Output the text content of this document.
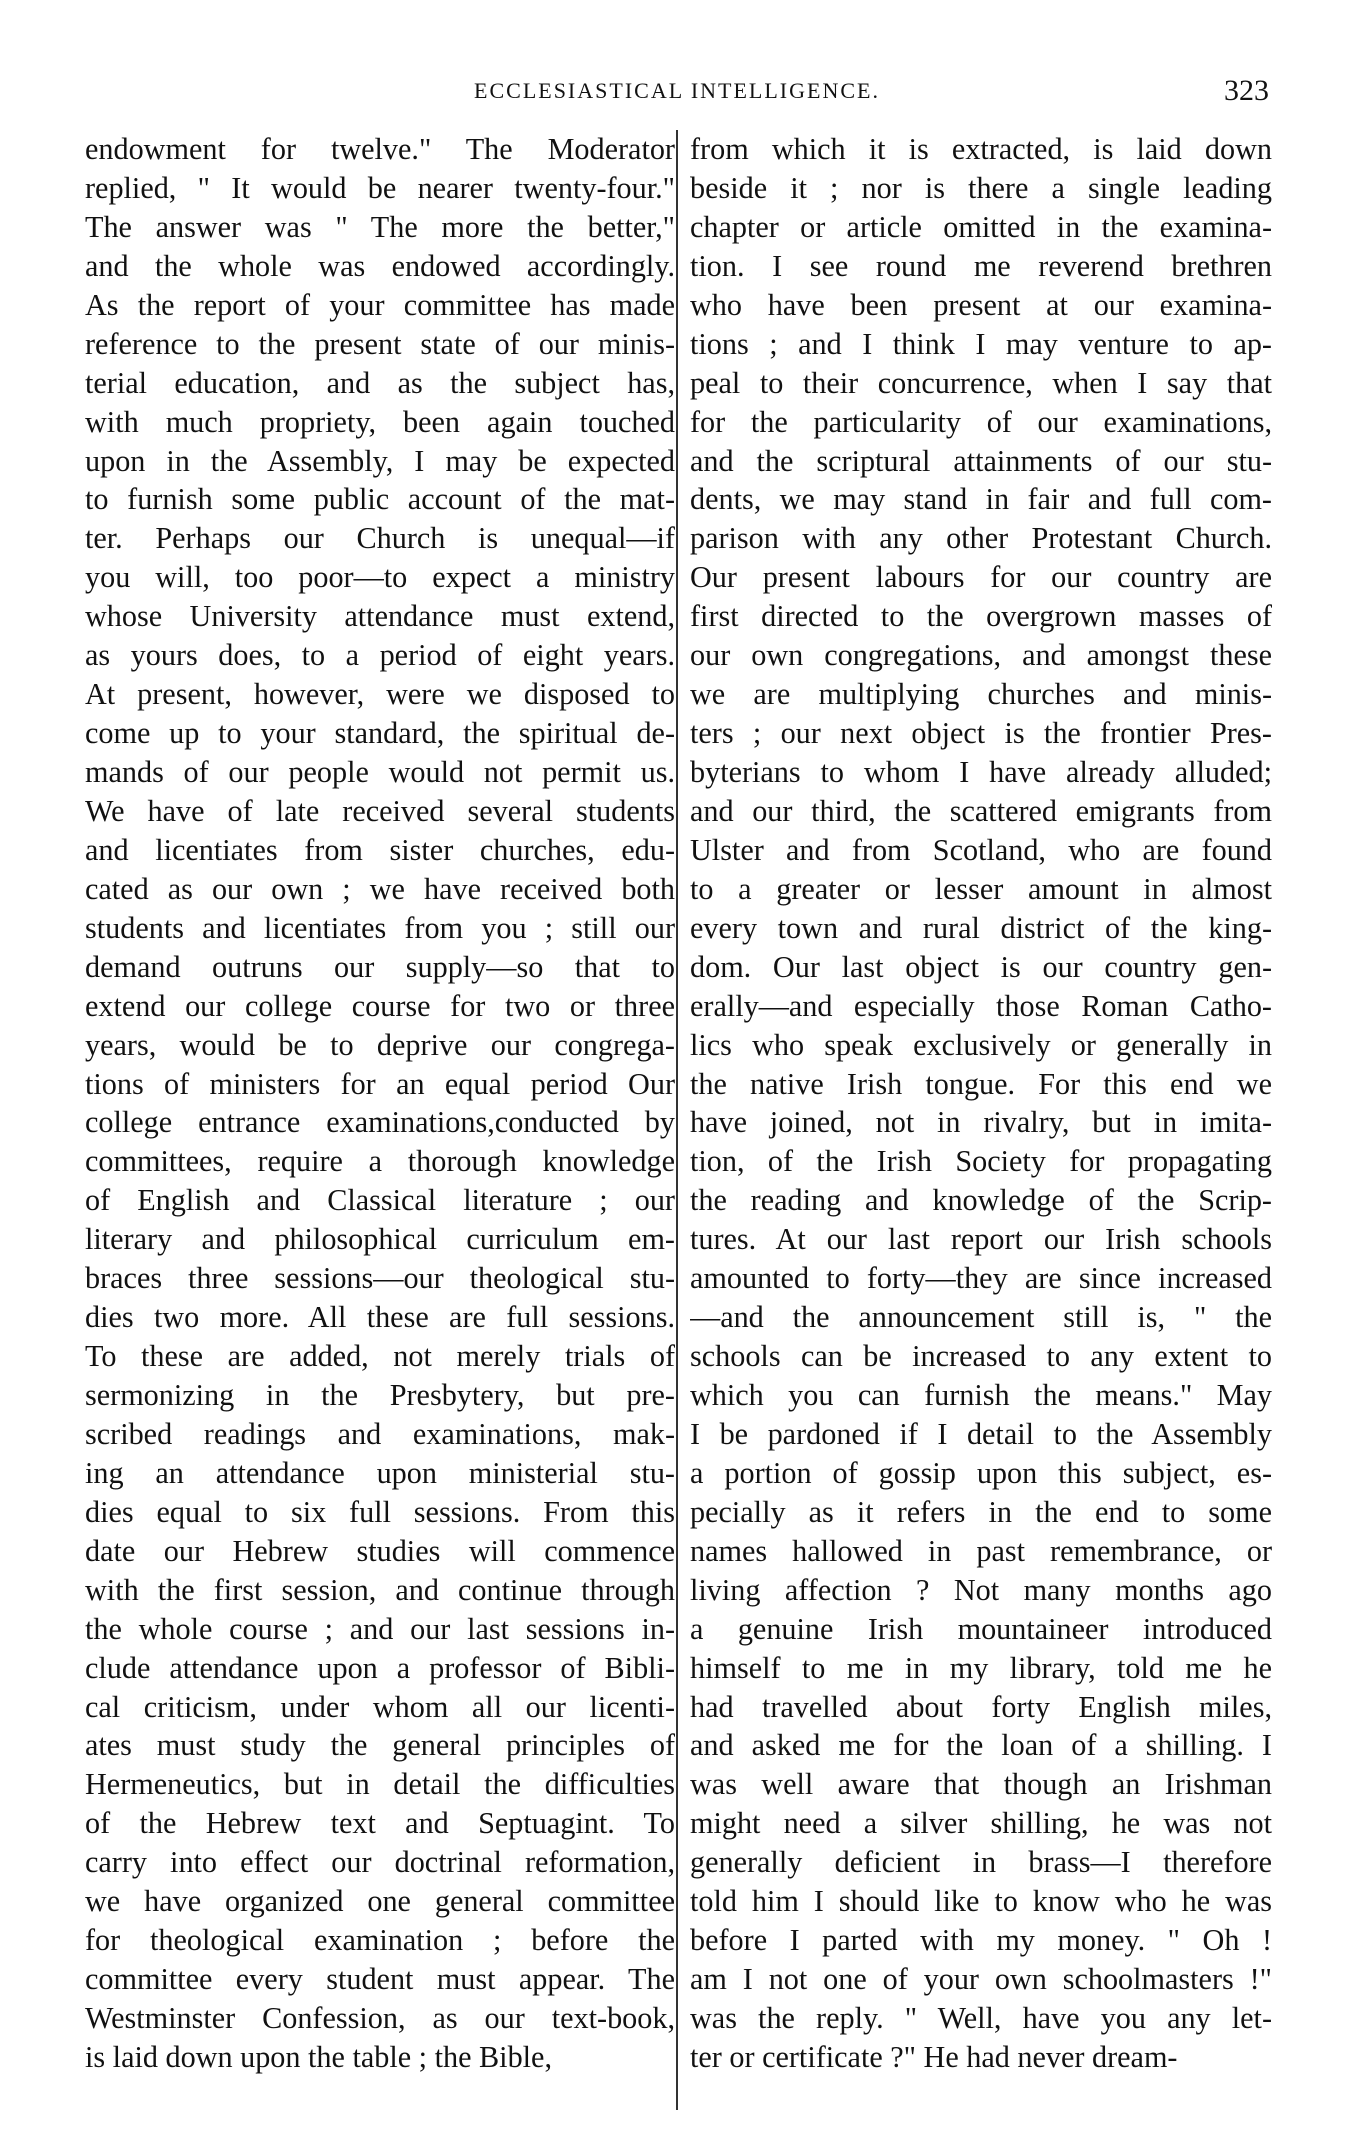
ECCLESIASTICAL INTELLIGENCE.	323
endowment for twelve." The Moderator
replied, " It would be nearer twenty-four."
The answer was " The more the better,"
and the whole was endowed accordingly.
As the report of your committee has made
reference to the present state of our minis-
terial education, and as the subject has,
with much propriety, been again touched
upon in the Assembly, I may be expected
to furnish some public account of the mat-
ter. Perhaps our Church is unequal—if
you will, too poor—to expect a ministry
whose University attendance must extend,
as yours does, to a period of eight years.
At present, however, were we disposed to
come up to your standard, the spiritual de-
mands of our people would not permit us.
We have of late received several students
and licentiates from sister churches, edu-
cated as our own ; we have received both
students and licentiates from you ; still our
demand outruns our supply—so that to
extend our college course for two or three
years, would be to deprive our congrega-
tions of ministers for an equal period Our
college entrance examinations,conducted by
committees, require a thorough knowledge
of English and Classical literature ; our
literary and philosophical curriculum em-
braces three sessions—our theological stu-
dies two more. All these are full sessions.
To these are added, not merely trials of
sermonizing in the Presbytery, but pre-
scribed readings and examinations, mak-
ing an attendance upon ministerial stu-
dies equal to six full sessions. From this
date our Hebrew studies will commence
with the first session, and continue through
the whole course ; and our last sessions in-
clude attendance upon a professor of Bibli-
cal criticism, under whom all our licenti-
ates must study the general principles of
Hermeneutics, but in detail the difficulties
of the Hebrew text and Septuagint. To
carry into effect our doctrinal reformation,
we have organized one general committee
for theological examination ; before the
committee every student must appear. The
Westminster Confession, as our text-book,
is laid down upon the table ; the Bible,
from which it is extracted, is laid down
beside it ; nor is there a single leading
chapter or article omitted in the examina-
tion. I see round me reverend brethren
who have been present at our examina-
tions ; and I think I may venture to ap-
peal to their concurrence, when I say that
for the particularity of our examinations,
and the scriptural attainments of our stu-
dents, we may stand in fair and full com-
parison with any other Protestant Church.
Our present labours for our country are
first directed to the overgrown masses of
our own congregations, and amongst these
we are multiplying churches and minis-
ters ; our next object is the frontier Pres-
byterians to whom I have already alluded;
and our third, the scattered emigrants from
Ulster and from Scotland, who are found
to a greater or lesser amount in almost
every town and rural district of the king-
dom. Our last object is our country gen-
erally—and especially those Roman Catho-
lics who speak exclusively or generally in
the native Irish tongue. For this end we
have joined, not in rivalry, but in imita-
tion, of the Irish Society for propagating
the reading and knowledge of the Scrip-
tures. At our last report our Irish schools
amounted to forty—they are since increased
—and the announcement still is, " the
schools can be increased to any extent to
which you can furnish the means." May
I be pardoned if I detail to the Assembly
a portion of gossip upon this subject, es-
pecially as it refers in the end to some
names hallowed in past remembrance, or
living affection ? Not many months ago
a genuine Irish mountaineer introduced
himself to me in my library, told me he
had travelled about forty English miles,
and asked me for the loan of a shilling. I
was well aware that though an Irishman
might need a silver shilling, he was not
generally deficient in brass—I therefore
told him I should like to know who he was
before I parted with my money. " Oh !
am I not one of your own schoolmasters !"
was the reply. " Well, have you any let-
ter or certificate ?" He had never dream-
